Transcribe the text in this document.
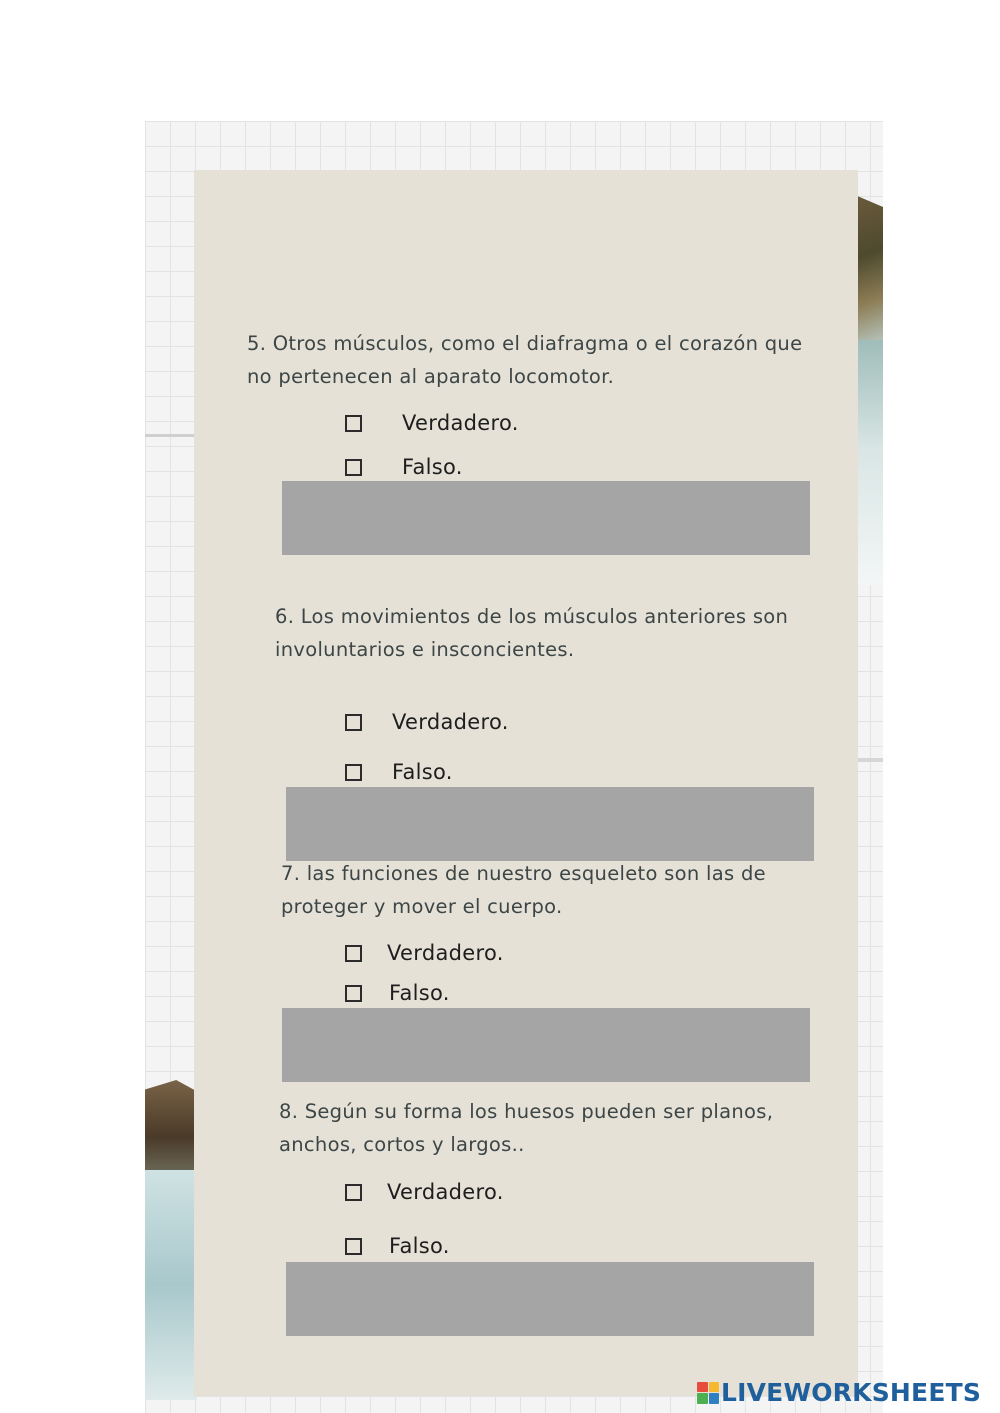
5. Otros músculos, como el diafragma o el corazón que no pertenecen al aparato locomotor.

Verdadero.
Falso.

6. Los movimientos de los músculos anteriores son involuntarios e insconcientes.

Verdadero.
Falso.

7. las funciones de nuestro esqueleto son las de proteger y mover el cuerpo.

Verdadero.
Falso.

8. Según su forma los huesos pueden ser planos, anchos, cortos y largos..

Verdadero.
Falso.
LIVEWORKSHEETS
